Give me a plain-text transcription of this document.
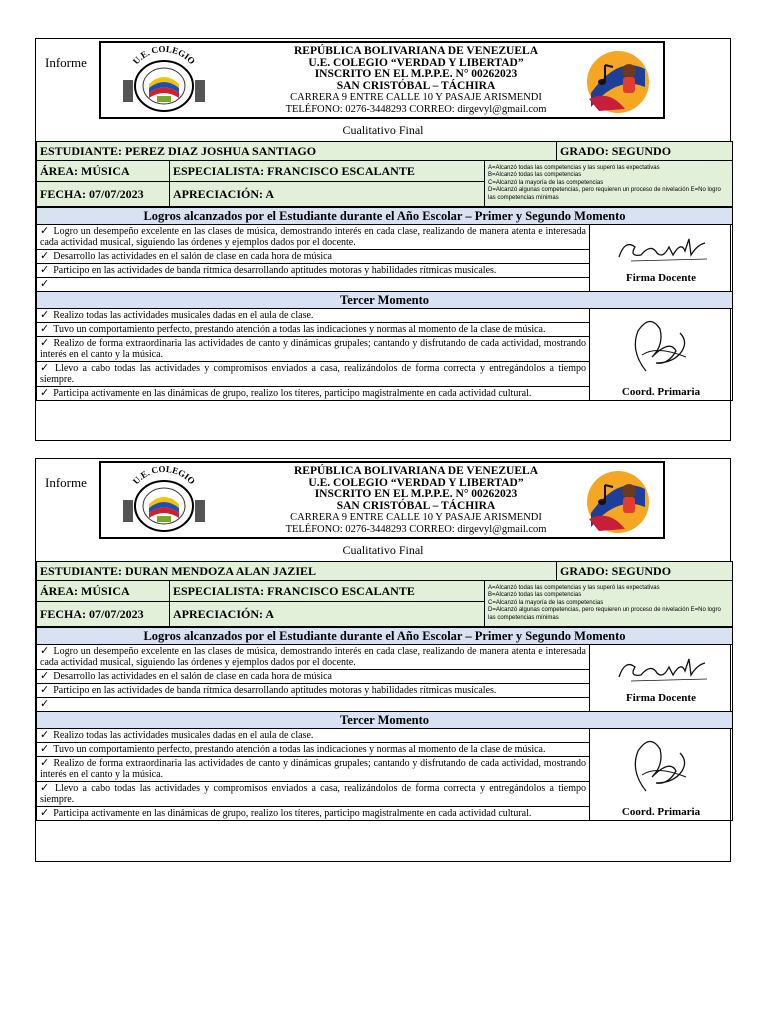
Informe	U.E. COLEGIO
REPÚBLICA BOLIVARIANA DE VENEZUELA
U.E. COLEGIO “VERDAD Y LIBERTAD”
INSCRITO EN EL M.P.P.E. N° 00262023
SAN CRISTÓBAL – TÁCHIRA
CARRERA 9 ENTRE CALLE 10 Y PASAJE ARISMENDI
TELÉFONO: 0276-3448293 CORREO: dirgevyl@gmail.com
Cualitativo Final
ESTUDIANTE: PEREZ DIAZ JOSHUA SANTIAGO			GRADO: SEGUNDO
ÁREA: MÚSICA	ESPECIALISTA: FRANCISCO ESCALANTE	A=Alcanzó todas las competencias y las superó las expectativas
B=Alcanzó todas las competencias
C=Alcanzó la mayoría de las competencias
D=Alcanzó algunas competencias, pero requieren un proceso de nivelación E=No logro las competencias mínimas	

FECHA: 07/07/2023	APRECIACIÓN: A		
Logros alcanzados por el Estudiante durante el Año Escolar – Primer y Segundo Momento	
✓ Logro un desempeño excelente en las clases de música, demostrando interés en cada clase, realizando de manera atenta e interesada cada actividad musical, siguiendo las órdenes y ejemplos dados por el docente.	Firma Docente

✓ Desarrollo las actividades en el salón de clase en cada hora de música	
✓ Participo en las actividades de banda rítmica desarrollando aptitudes motoras y habilidades rítmicas musicales.	
✓	
Tercer Momento	
✓ Realizo todas las actividades musicales dadas en el aula de clase.	Coord. Primaria

✓ Tuvo un comportamiento perfecto, prestando atención a todas las indicaciones y normas al momento de la clase de música.	
✓ Realizo de forma extraordinaria las actividades de canto y dinámicas grupales; cantando y disfrutando de cada actividad, mostrando interés en el canto y la música.	
✓ Llevo a cabo todas las actividades y compromisos enviados a casa, realizándolos de forma correcta y entregándolos a tiempo siempre.	
✓ Participa activamente en las dinámicas de grupo, realizo los títeres, participo magistralmente en cada actividad cultural.	
Informe	U.E. COLEGIO
REPÚBLICA BOLIVARIANA DE VENEZUELA
U.E. COLEGIO “VERDAD Y LIBERTAD”
INSCRITO EN EL M.P.P.E. N° 00262023
SAN CRISTÓBAL – TÁCHIRA
CARRERA 9 ENTRE CALLE 10 Y PASAJE ARISMENDI
TELÉFONO: 0276-3448293 CORREO: dirgevyl@gmail.com
Cualitativo Final
ESTUDIANTE: DURAN MENDOZA ALAN JAZIEL			GRADO: SEGUNDO
ÁREA: MÚSICA	ESPECIALISTA: FRANCISCO ESCALANTE	A=Alcanzó todas las competencias y las superó las expectativas
B=Alcanzó todas las competencias
C=Alcanzó la mayoría de las competencias
D=Alcanzó algunas competencias, pero requieren un proceso de nivelación E=No logro las competencias mínimas	

FECHA: 07/07/2023	APRECIACIÓN: A		
Logros alcanzados por el Estudiante durante el Año Escolar – Primer y Segundo Momento	
✓ Logro un desempeño excelente en las clases de música, demostrando interés en cada clase, realizando de manera atenta e interesada cada actividad musical, siguiendo las órdenes y ejemplos dados por el docente.	Firma Docente

✓ Desarrollo las actividades en el salón de clase en cada hora de música	
✓ Participo en las actividades de banda rítmica desarrollando aptitudes motoras y habilidades rítmicas musicales.	
✓	
Tercer Momento	
✓ Realizo todas las actividades musicales dadas en el aula de clase.	Coord. Primaria

✓ Tuvo un comportamiento perfecto, prestando atención a todas las indicaciones y normas al momento de la clase de música.	
✓ Realizo de forma extraordinaria las actividades de canto y dinámicas grupales; cantando y disfrutando de cada actividad, mostrando interés en el canto y la música.	
✓ Llevo a cabo todas las actividades y compromisos enviados a casa, realizándolos de forma correcta y entregándolos a tiempo siempre.	
✓ Participa activamente en las dinámicas de grupo, realizo los títeres, participo magistralmente en cada actividad cultural.	
